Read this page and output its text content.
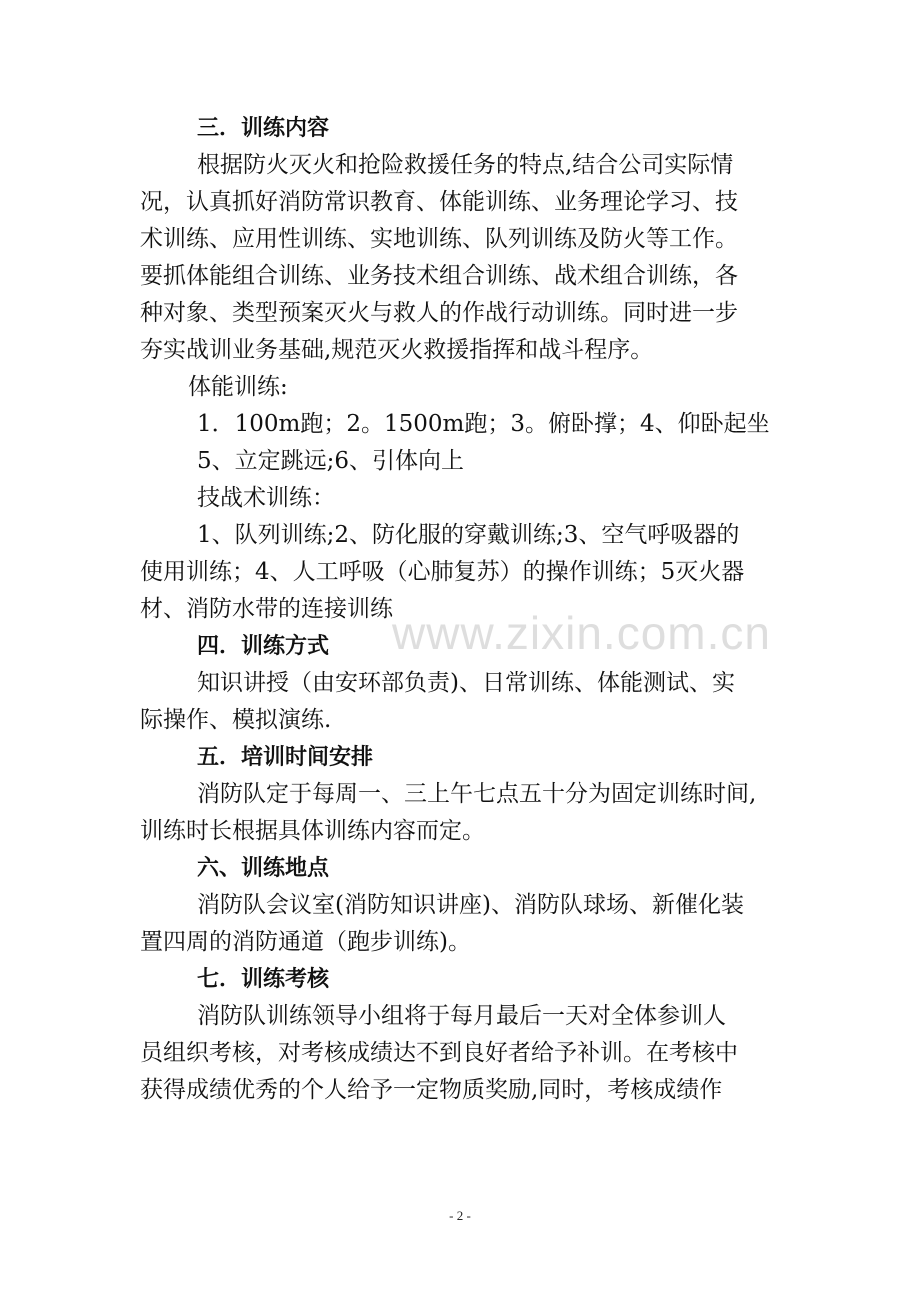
三．训练内容
根据防火灭火和抢险救援任务的特点,结合公司实际情
况，认真抓好消防常识教育、体能训练、业务理论学习、技
术训练、应用性训练、实地训练、队列训练及防火等工作。
要抓体能组合训练、业务技术组合训练、战术组合训练，各
种对象、类型预案灭火与救人的作战行动训练。同时进一步
夯实战训业务基础,规范灭火救援指挥和战斗程序。
体能训练:
1．100m跑；2。1500m跑；3。俯卧撑；4、仰卧起坐
5、立定跳远;6、引体向上
技战术训练：
1、队列训练;2、防化服的穿戴训练;3、空气呼吸器的
使用训练；4、人工呼吸（心肺复苏）的操作训练；5灭火器
材、消防水带的连接训练
四．训练方式
知识讲授（由安环部负责)、日常训练、体能测试、实
际操作、模拟演练.
五．培训时间安排
消防队定于每周一、三上午七点五十分为固定训练时间,
训练时长根据具体训练内容而定。
六、训练地点
消防队会议室(消防知识讲座)、消防队球场、新催化装
置四周的消防通道（跑步训练)。
七．训练考核
消防队训练领导小组将于每月最后一天对全体参训人
员组织考核，对考核成绩达不到良好者给予补训。在考核中
获得成绩优秀的个人给予一定物质奖励,同时，考核成绩作
www.zixin.com.cn
- 2 -
